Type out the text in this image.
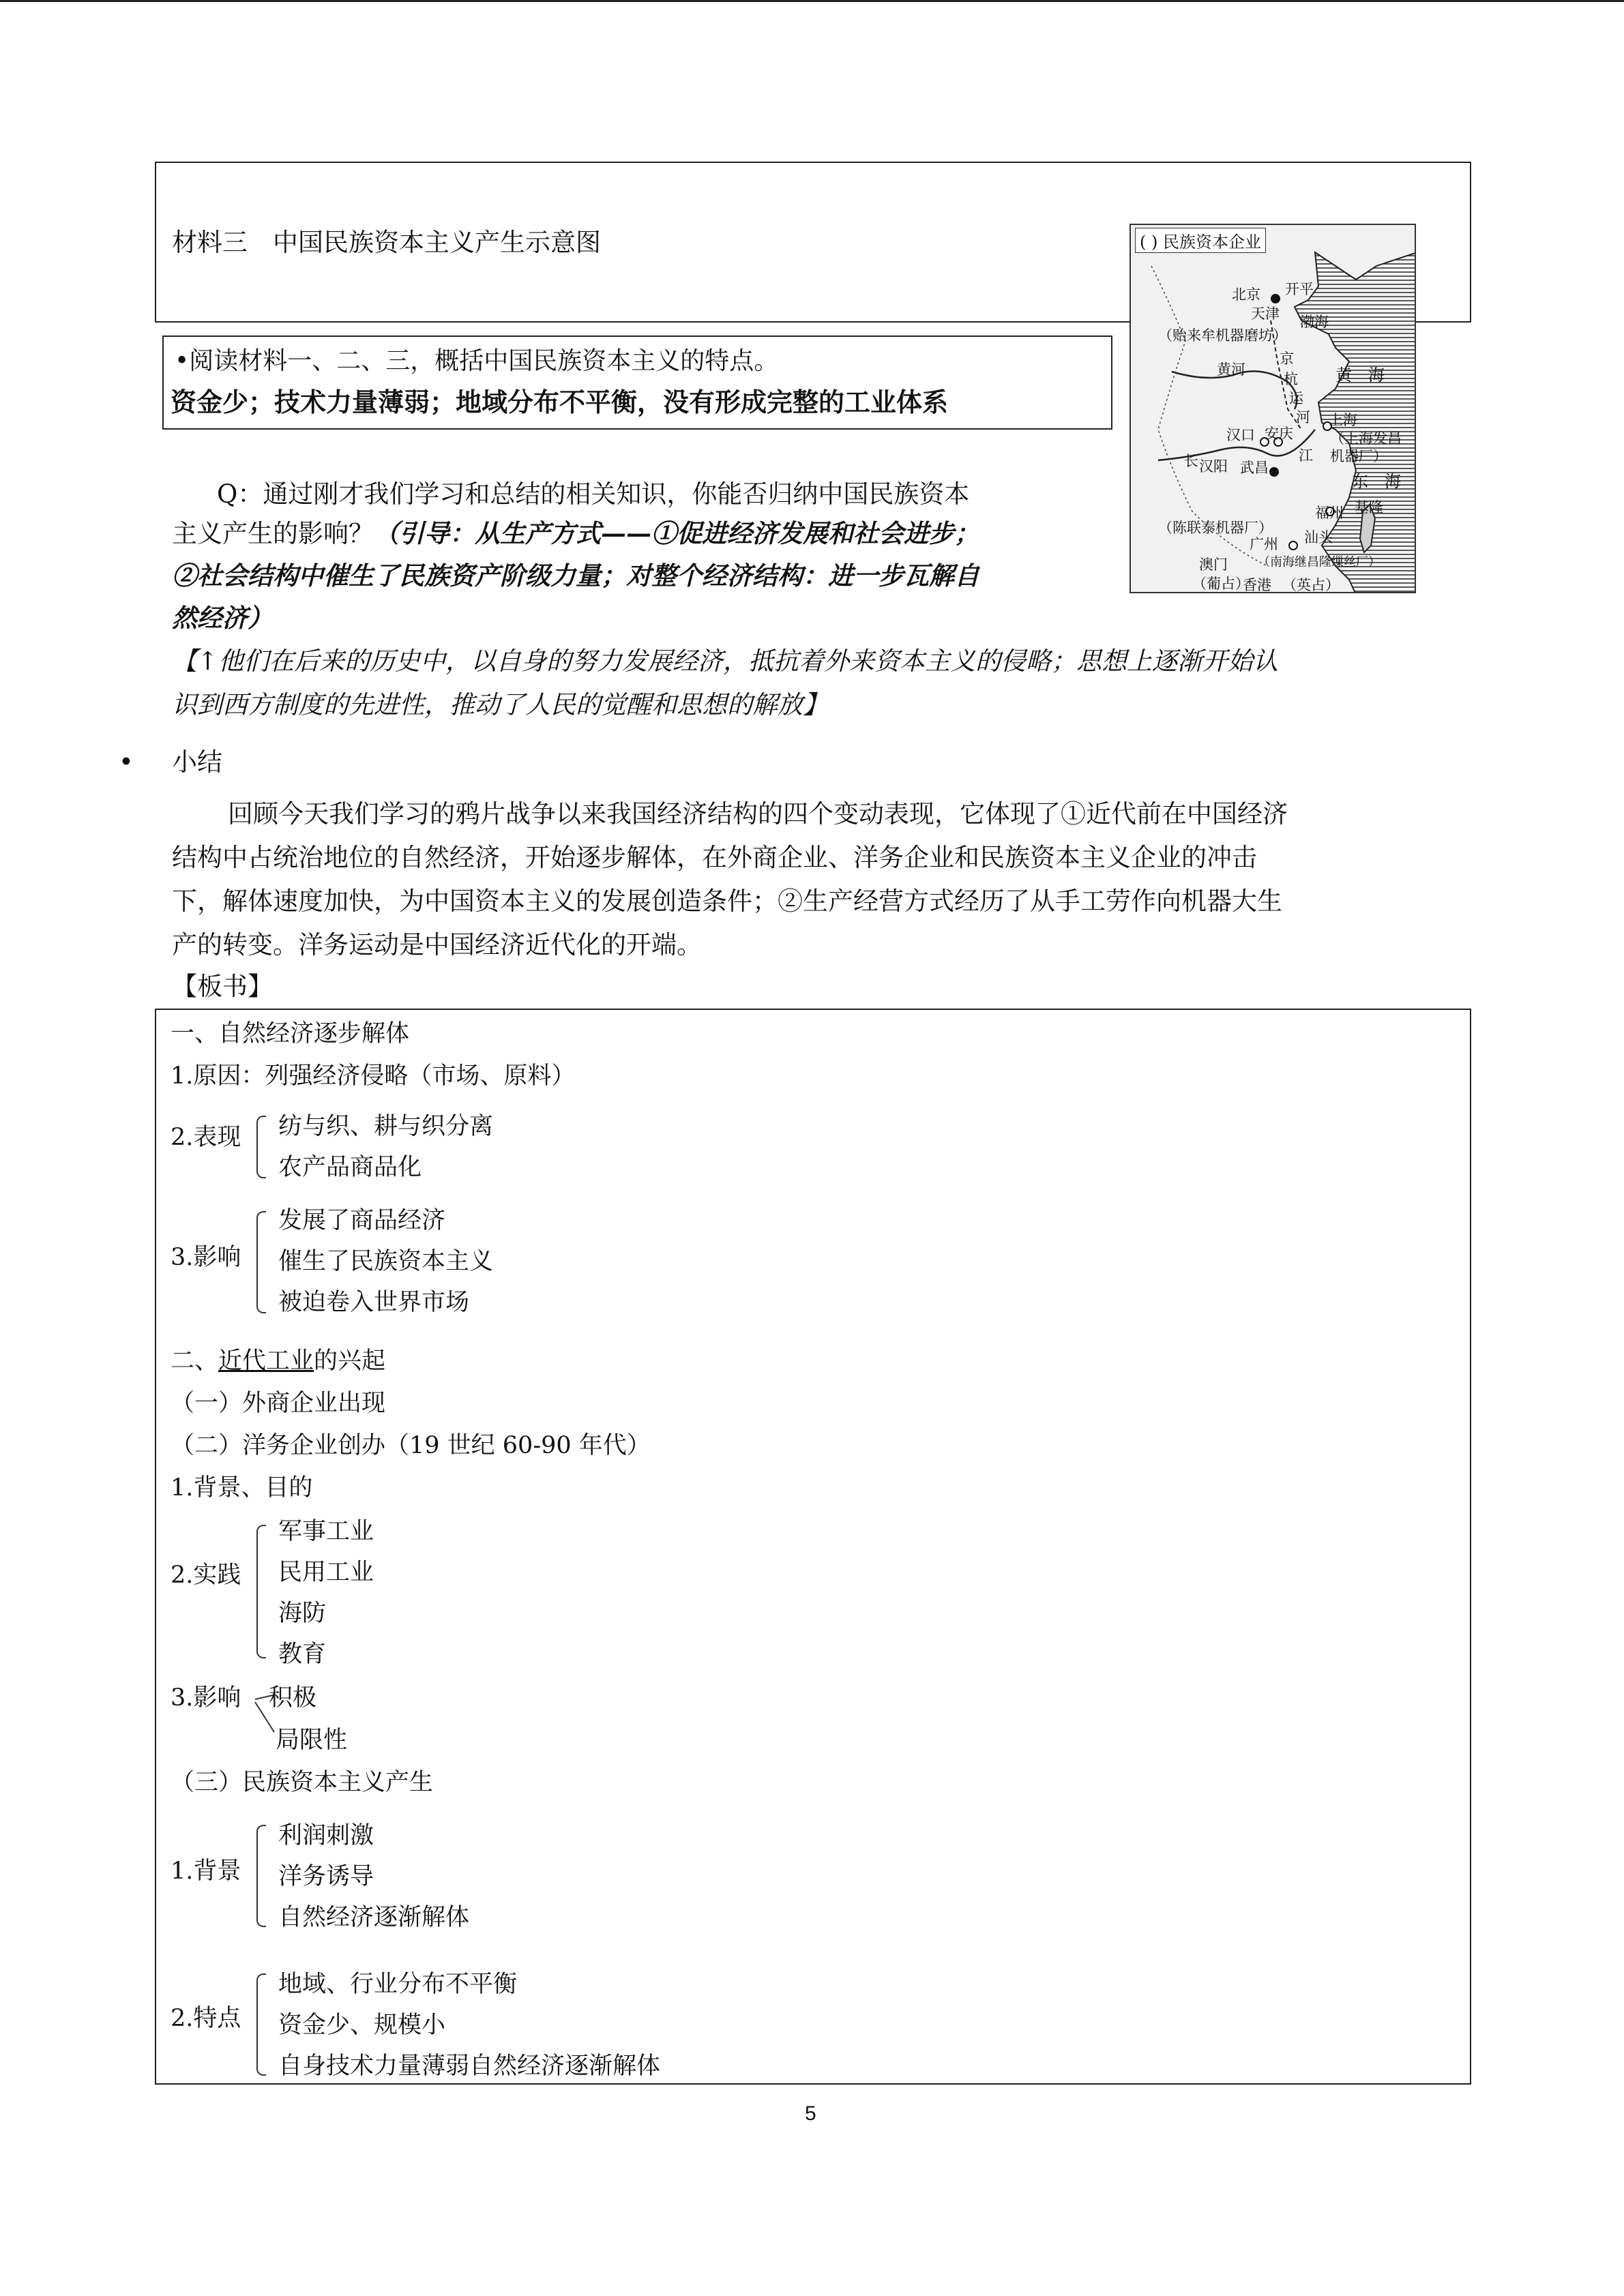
材料三　中国民族资本主义产生示意图	( ) 民族资本企业
北京 开平
天津 渤海
（贻来牟机器磨坊）
黄河
京
杭
运
河
黄　海
汉口 安庆
上海
（上海发昌机器厂）
长 汉阳 武昌
江
东　海
福州 基隆
（陈联泰机器厂）
广州 汕头
澳门 （南海继昌隆缫丝厂）
（葡占）
香港 （英占）
•阅读材料一、二、三，概括中国民族资本主义的特点。
资金少；技术力量薄弱；地域分布不平衡，没有形成完整的工业体系
Q：通过刚才我们学习和总结的相关知识，你能否归纳中国民族资本
主义产生的影响？（引导：从生产方式——①促进经济发展和社会进步；
②社会结构中催生了民族资产阶级力量；对整个经济结构：进一步瓦解自
然经济）
【↑他们在后来的历史中，以自身的努力发展经济，抵抗着外来资本主义的侵略；思想上逐渐开始认
识到西方制度的先进性，推动了人民的觉醒和思想的解放】
• 小结
回顾今天我们学习的鸦片战争以来我国经济结构的四个变动表现，它体现了①近代前在中国经济
结构中占统治地位的自然经济，开始逐步解体，在外商企业、洋务企业和民族资本主义企业的冲击
下，解体速度加快，为中国资本主义的发展创造条件；②生产经营方式经历了从手工劳作向机器大生
产的转变。洋务运动是中国经济近代化的开端。
【板书】
一、自然经济逐步解体
1.原因：列强经济侵略（市场、原料）
2.表现 纺与织、耕与织分离
农产品商品化
3.影响
发展了商品经济
催生了民族资本主义
被迫卷入世界市场
二、近代工业的兴起
（一）外商企业出现
（二）洋务企业创办（19 世纪 60-90 年代）
1.背景、目的
2.实践
军事工业
民用工业
海防
教育
3.影响 积极
局限性
（三）民族资本主义产生
1.背景
利润刺激
洋务诱导
自然经济逐渐解体
2.特点
地域、行业分布不平衡
资金少、规模小
自身技术力量薄弱自然经济逐渐解体
5
